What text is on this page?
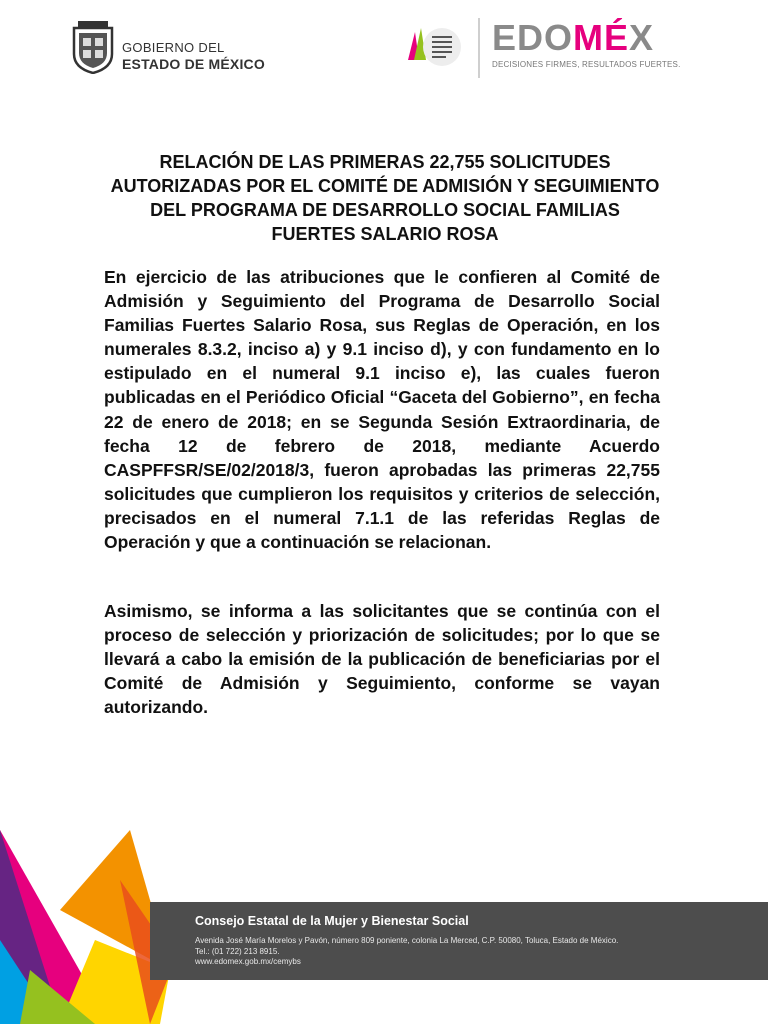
GOBIERNO DEL
ESTADO DE MÉXICO
EDOMÉX
DECISIONES FIRMES, RESULTADOS FUERTES.
RELACIÓN DE LAS PRIMERAS 22,755 SOLICITUDES AUTORIZADAS POR EL COMITÉ DE ADMISIÓN Y SEGUIMIENTO DEL PROGRAMA DE DESARROLLO SOCIAL FAMILIAS FUERTES SALARIO ROSA
En ejercicio de las atribuciones que le confieren al Comité de Admisión y Seguimiento del Programa de Desarrollo Social Familias Fuertes Salario Rosa, sus Reglas de Operación, en los numerales 8.3.2, inciso a) y 9.1 inciso d), y con fundamento en lo estipulado en el numeral 9.1 inciso e), las cuales fueron publicadas en el Periódico Oficial “Gaceta del Gobierno”, en fecha 22 de enero de 2018; en se Segunda Sesión Extraordinaria, de fecha 12 de febrero de 2018, mediante Acuerdo CASPFFSR/SE/02/2018/3, fueron aprobadas las primeras 22,755 solicitudes que cumplieron los requisitos y criterios de selección, precisados en el numeral 7.1.1 de las referidas Reglas de Operación y que a continuación se relacionan.
Asimismo, se informa a las solicitantes que se continúa con el proceso de selección y priorización de solicitudes; por lo que se llevará a cabo la emisión de la publicación de beneficiarias por el Comité de Admisión y Seguimiento, conforme se vayan autorizando.
Consejo Estatal de la Mujer y Bienestar Social
Avenida José María Morelos y Pavón, número 809 poniente, colonia La Merced, C.P. 50080, Toluca, Estado de México.
Tel.: (01 722) 213 8915.
www.edomex.gob.mx/cemybs
